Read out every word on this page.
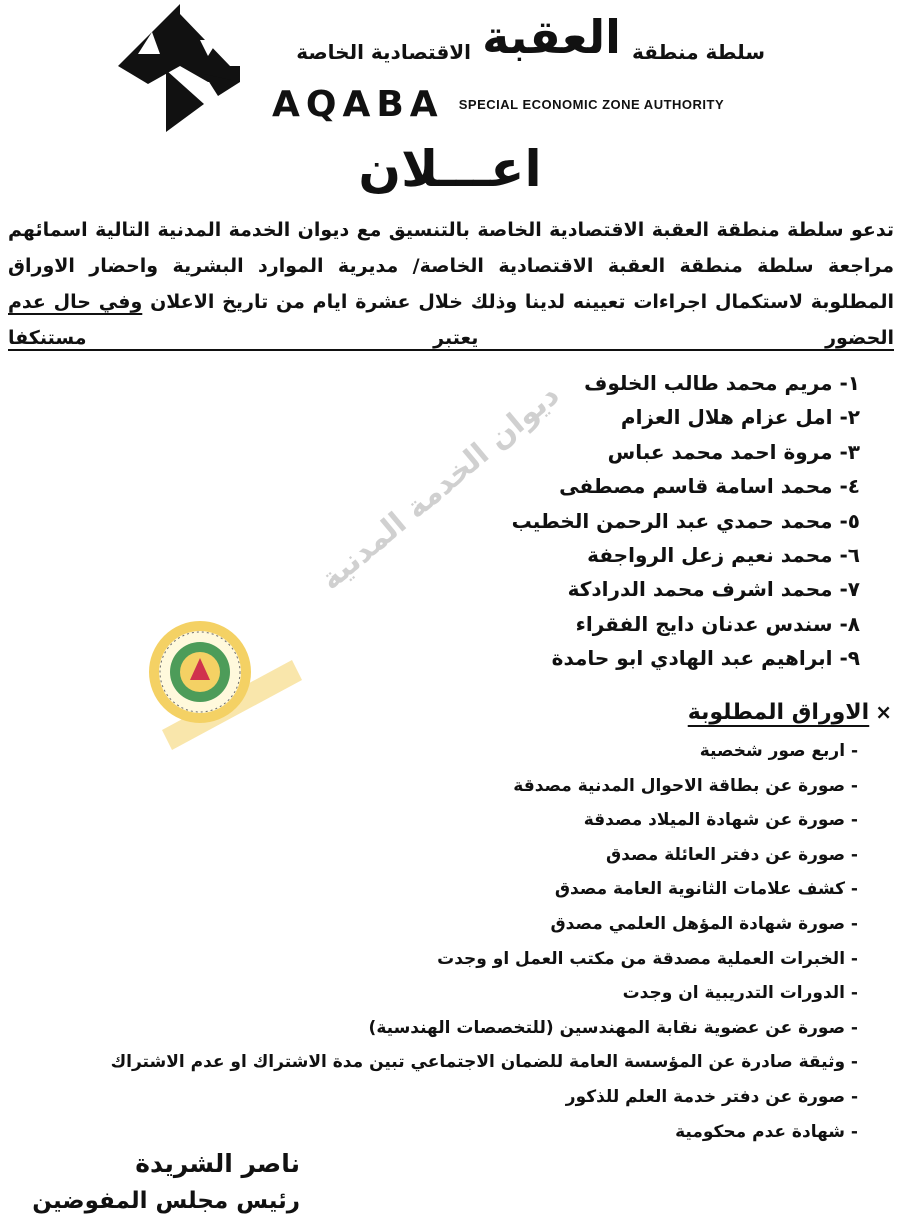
سلطة منطقة العقبة الاقتصادية الخاصة
AQABA SPECIAL ECONOMIC ZONE AUTHORITY
اعـــلان
تدعو سلطة منطقة العقبة الاقتصادية الخاصة بالتنسيق مع ديوان الخدمة المدنية التالية اسمائهم مراجعة سلطة منطقة العقبة الاقتصادية الخاصة/ مديرية الموارد البشرية واحضار الاوراق المطلوبة لاستكمال اجراءات تعيينه لدينا وذلك خلال عشرة ايام من تاريخ الاعلان وفي حال عدم الحضور يعتبر مستنكفا
ديوان الخدمة المدنية ١- مريم محمد طالب الخلوف
٢- امل عزام هلال العزام
٣- مروة احمد محمد عباس
٤- محمد اسامة قاسم مصطفى
٥- محمد حمدي عبد الرحمن الخطيب
٦- محمد نعيم زعل الرواجفة
٧- محمد اشرف محمد الدرادكة
٨- سندس عدنان دايج الفقراء
٩- ابراهيم عبد الهادي ابو حامدة
×الاوراق المطلوبة
- اربع صور شخصية
- صورة عن بطاقة الاحوال المدنية مصدقة
- صورة عن شهادة الميلاد مصدقة
- صورة عن دفتر العائلة مصدق
- كشف علامات الثانوية العامة مصدق
- صورة شهادة المؤهل العلمي مصدق
- الخبرات العملية مصدقة من مكتب العمل او وجدت
- الدورات التدريبية ان وجدت
- صورة عن عضوية نقابة المهندسين (للتخصصات الهندسية)
- وثيقة صادرة عن المؤسسة العامة للضمان الاجتماعي تبين مدة الاشتراك او عدم الاشتراك
- صورة عن دفتر خدمة العلم للذكور
- شهادة عدم محكومية
ناصر الشريدة
رئيس مجلس المفوضين
